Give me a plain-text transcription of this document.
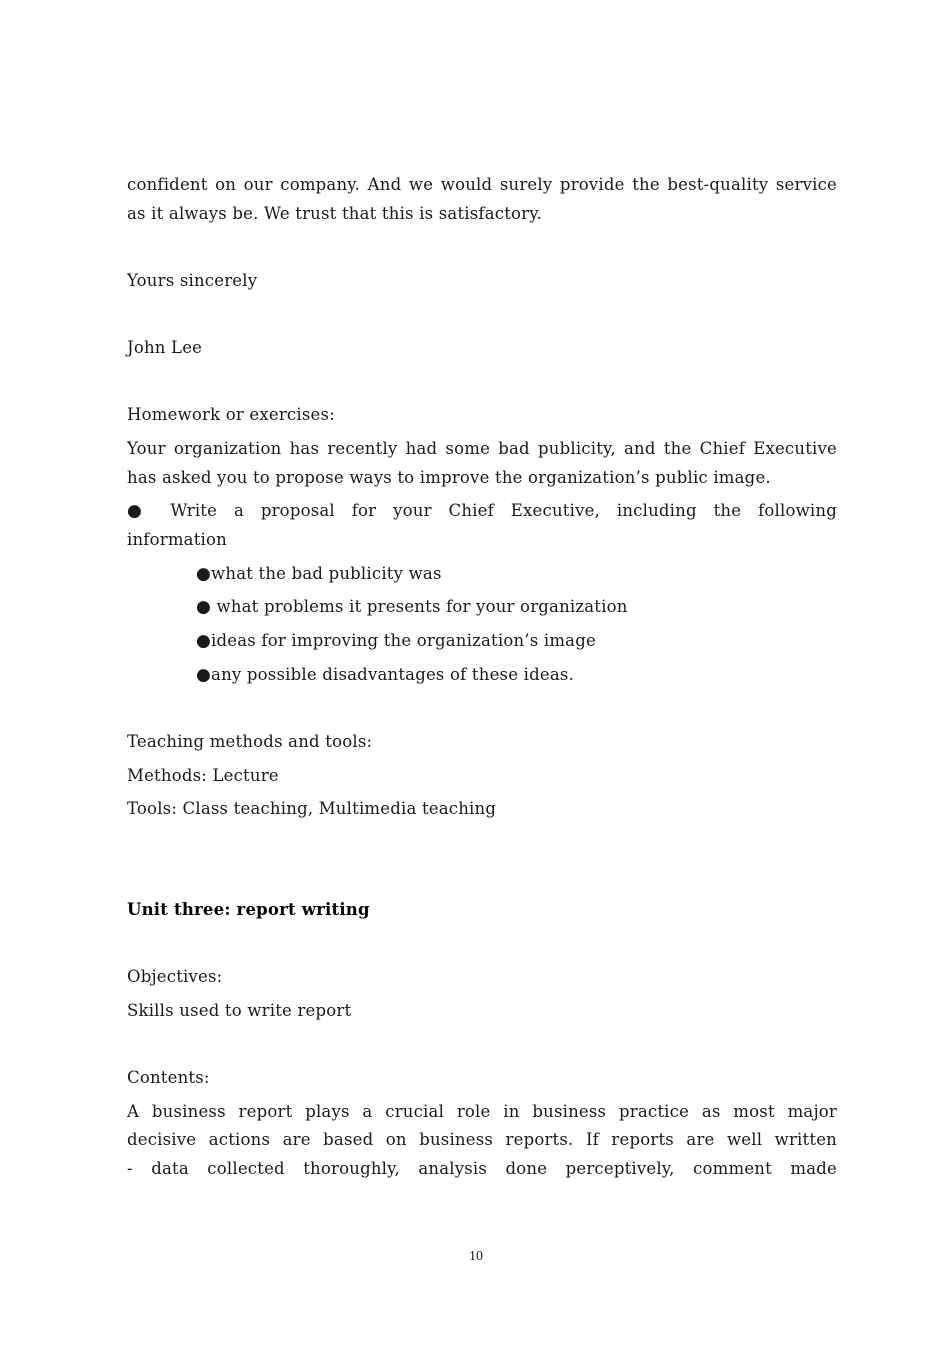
confident on our company. And we would surely provide the best-quality service
as it always be. We trust that this is satisfactory.
Yours sincerely
John Lee
Homework or exercises:
Your organization has recently had some bad publicity, and the Chief Executive
has asked you to propose ways to improve the organization’s public image.
● Write a proposal for your Chief Executive, including the following
information
●what the bad publicity was
● what problems it presents for your organization
●ideas for improving the organization’s image
●any possible disadvantages of these ideas.
Teaching methods and tools:
Methods: Lecture
Tools: Class teaching, Multimedia teaching
Unit three: report writing
Objectives:
Skills used to write report
Contents:
A business report plays a crucial role in business practice as most major
decisive actions are based on business reports. If reports are well written
- data collected thoroughly, analysis done perceptively, comment made
10
